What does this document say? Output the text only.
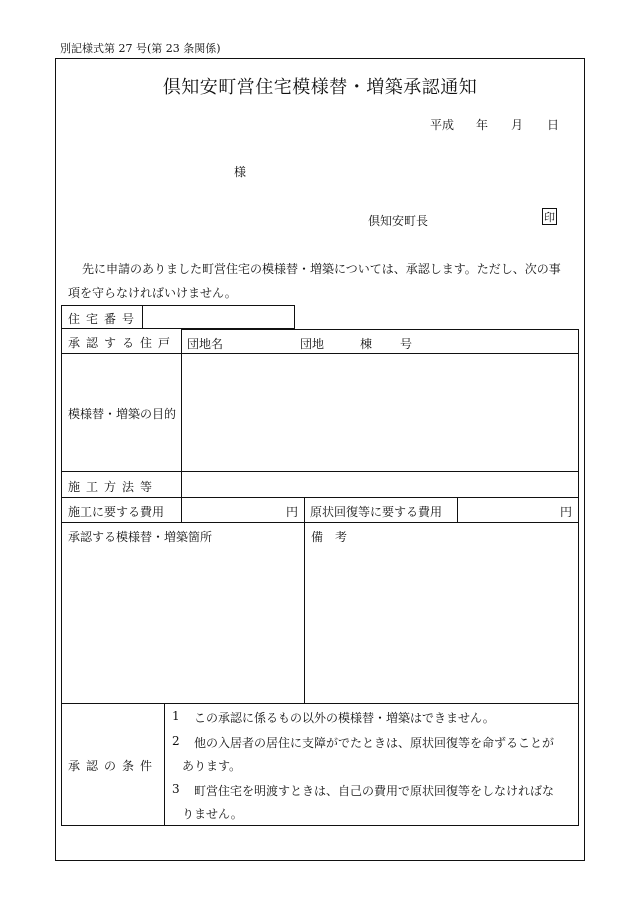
別記様式第 27 号(第 23 条関係)
倶知安町営住宅模様替・増築承認通知
平成 年 月 日
様
倶知安町長	印
先に申請のありました町営住宅の模様替・増築については、承認します。ただし、次の事
項を守らなければいけません。
住宅番号
承認する住戸 団地名	団地	棟 号
模様替・増築の目的
施工方法等
施工に要する費用	円 原状回復等に要する費用	円
承認する模様替・増築箇所	備　考
承認の条件
1 この承認に係るもの以外の模様替・増築はできません。
2 他の入居者の居住に支障がでたときは、原状回復等を命ずることが
あります。
3 町営住宅を明渡すときは、自己の費用で原状回復等をしなければな
りません。
